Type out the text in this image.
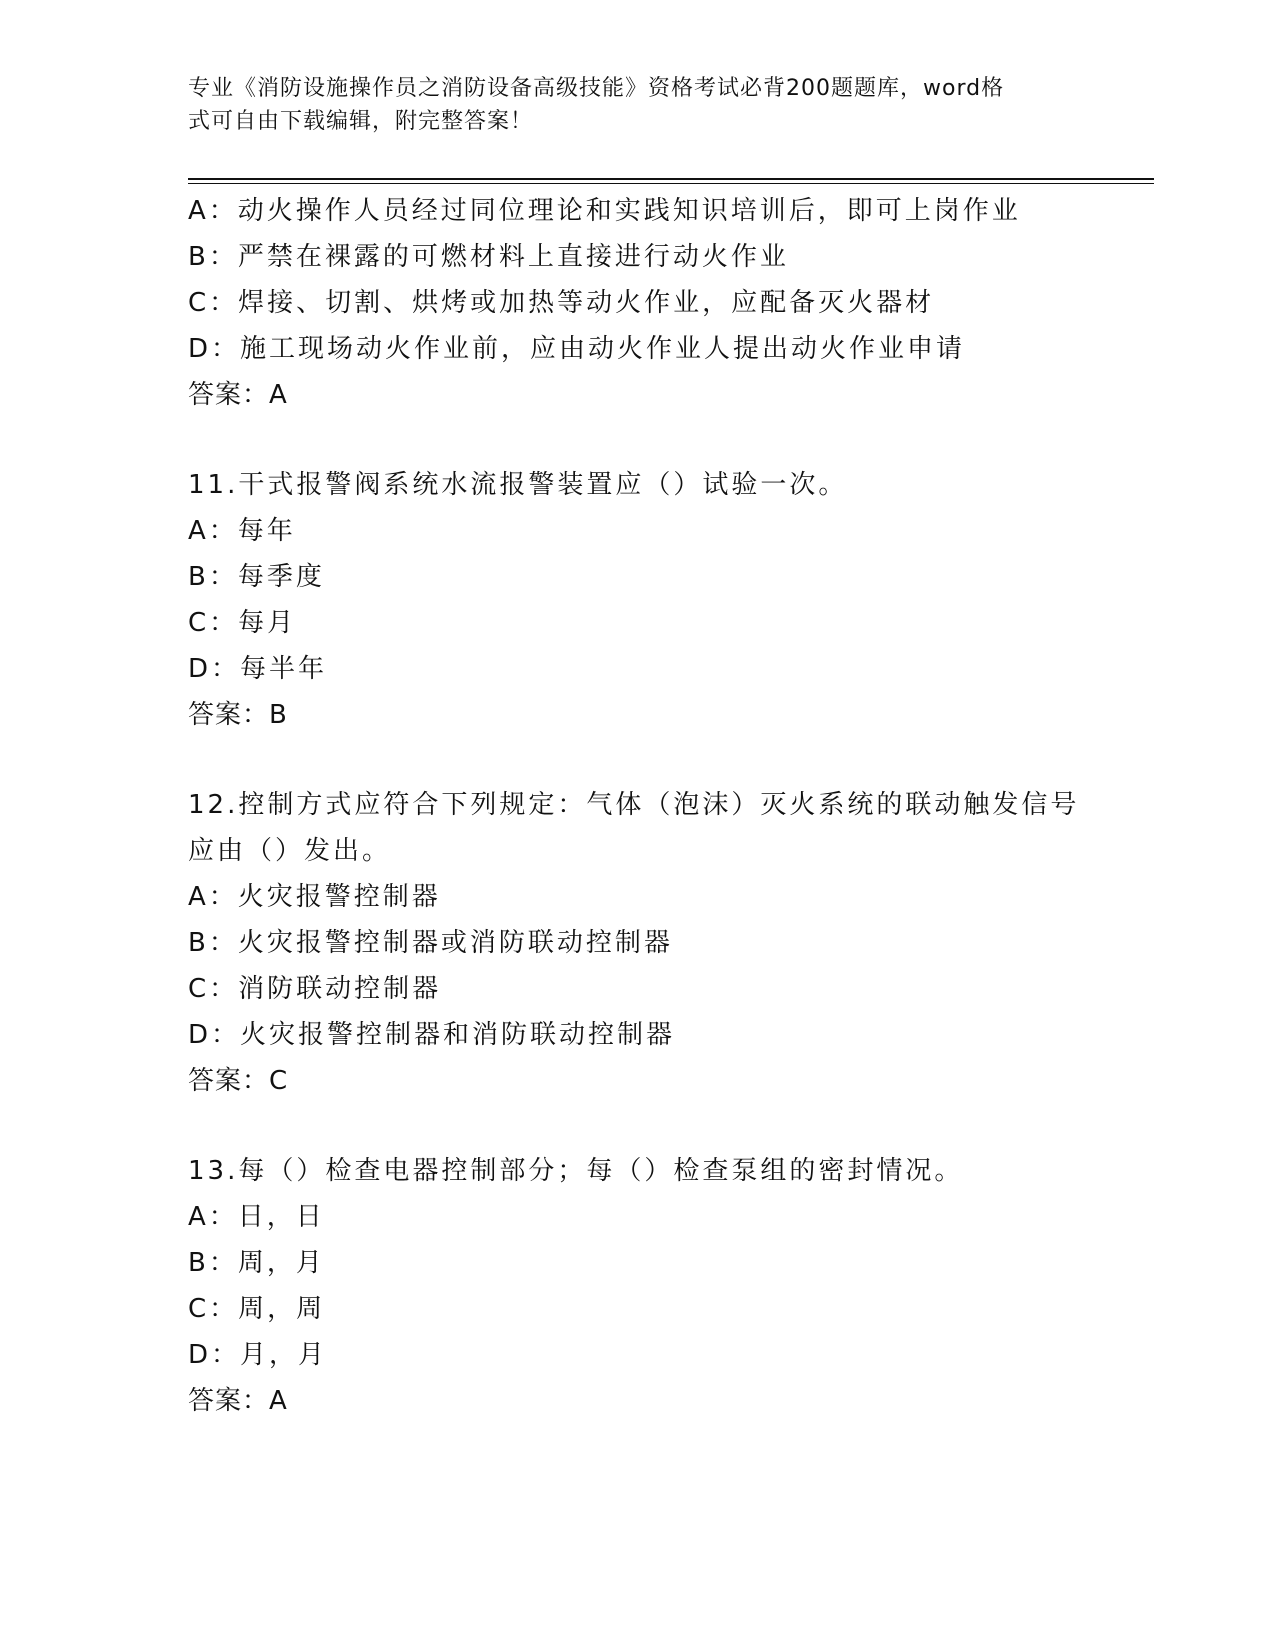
专业《消防设施操作员之消防设备高级技能》资格考试必背200题题库，word格
式可自由下载编辑，附完整答案！
A：动火操作人员经过同位理论和实践知识培训后，即可上岗作业
B：严禁在裸露的可燃材料上直接进行动火作业
C：焊接、切割、烘烤或加热等动火作业，应配备灭火器材
D：施工现场动火作业前，应由动火作业人提出动火作业申请
答案：A
11.干式报警阀系统水流报警装置应（）试验一次。
A：每年
B：每季度
C：每月
D：每半年
答案：B
12.控制方式应符合下列规定：气体（泡沫）灭火系统的联动触发信号
应由（）发出。
A：火灾报警控制器
B：火灾报警控制器或消防联动控制器
C：消防联动控制器
D：火灾报警控制器和消防联动控制器
答案：C
13.每（）检查电器控制部分；每（）检查泵组的密封情况。
A：日，日
B：周，月
C：周，周
D：月，月
答案：A
